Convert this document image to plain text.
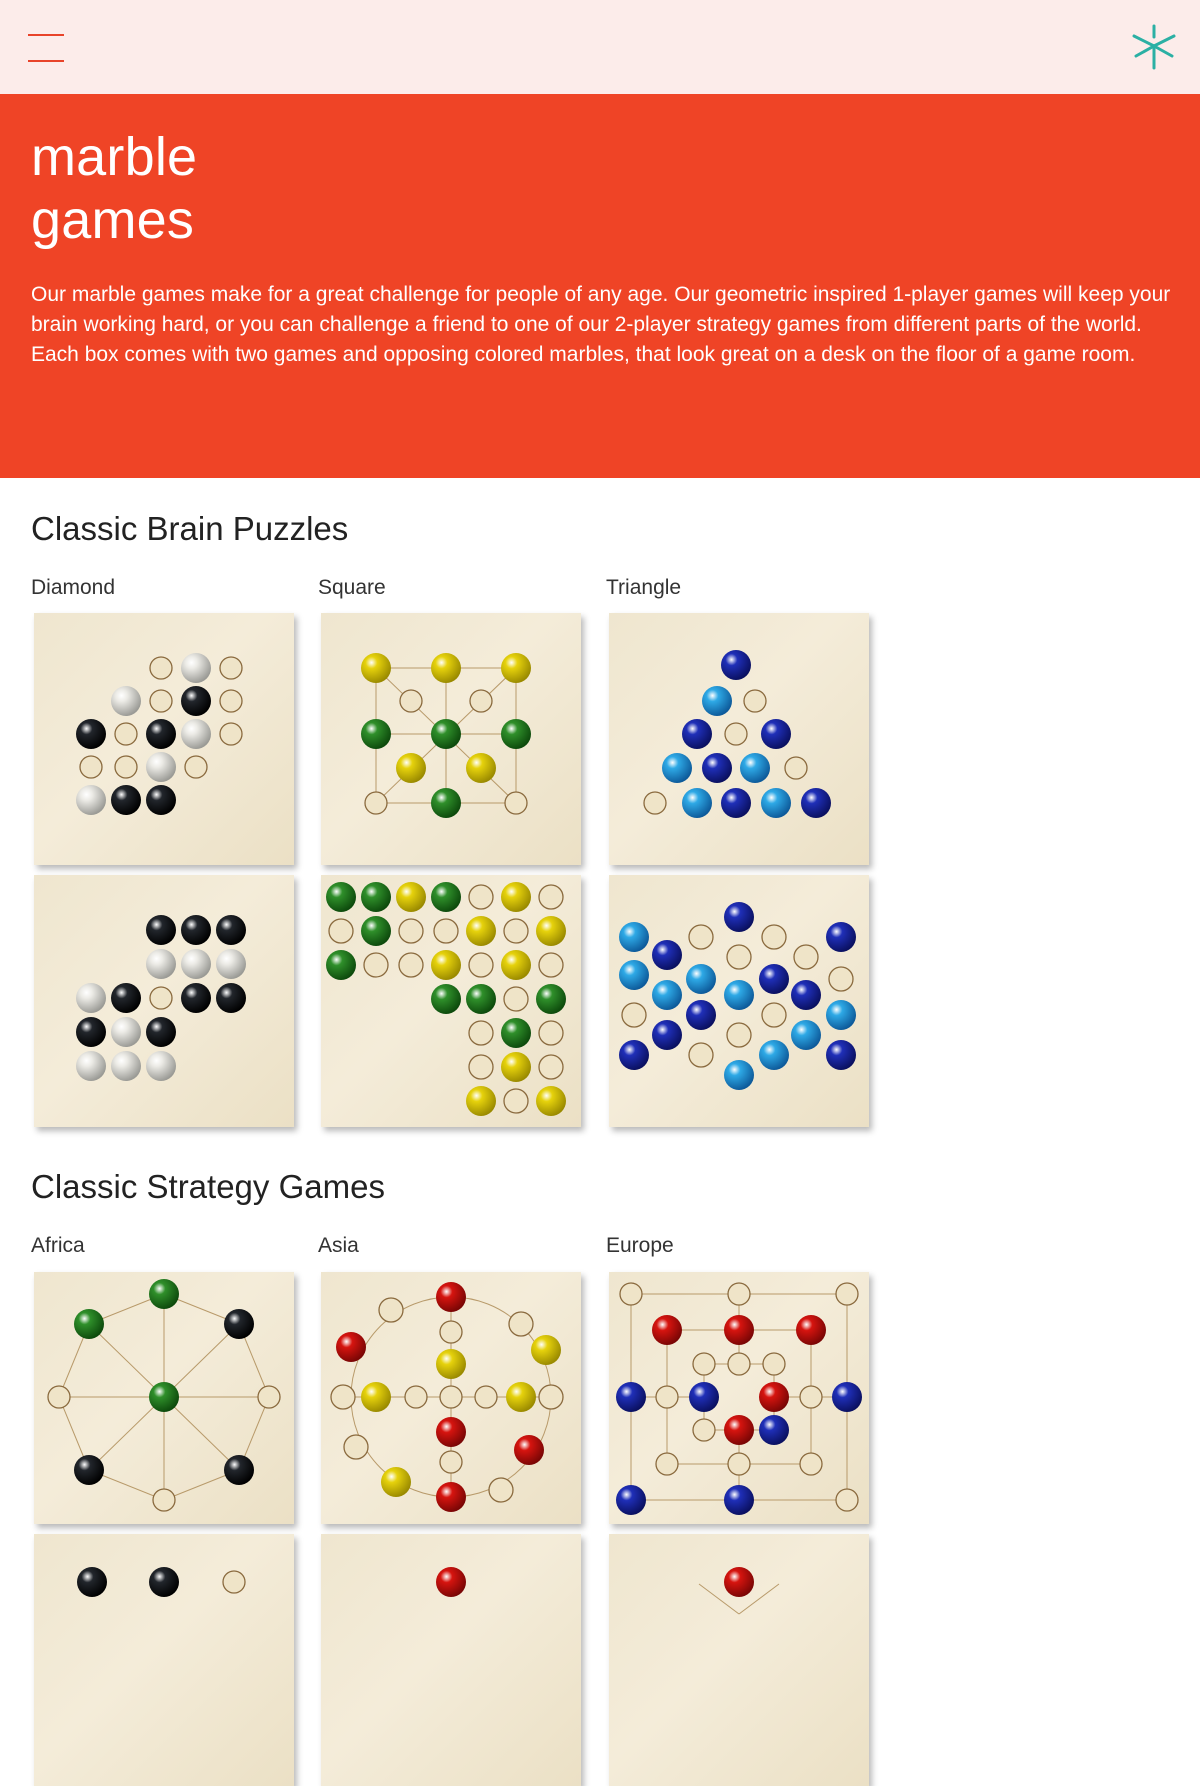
marble
games

Our marble games make for a great challenge for people of any age. Our geometric inspired 1-player games will keep your brain working hard, or you can challenge a friend to one of our 2-player strategy games from different parts of the world. Each box comes with two games and opposing colored marbles, that look great on a desk on the floor of a game room.

Classic Brain Puzzles
Diamond	Square	Triangle
Classic Strategy Games
Africa	Asia	Europe
